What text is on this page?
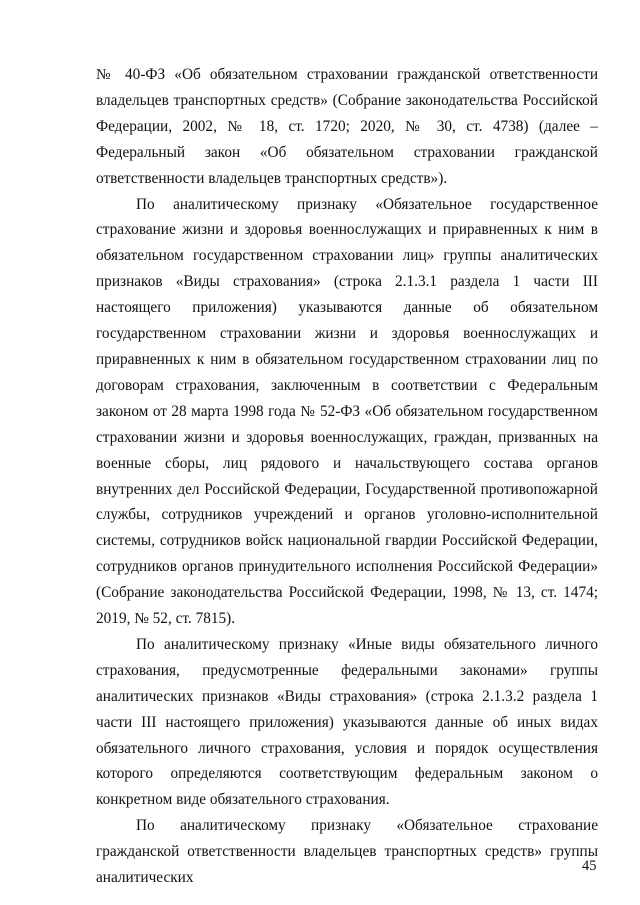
№ 40-ФЗ «Об обязательном страховании гражданской ответственности владельцев транспортных средств» (Собрание законодательства Российской Федерации, 2002, № 18, ст. 1720; 2020, № 30, ст. 4738) (далее – Федеральный закон «Об обязательном страховании гражданской ответственности владельцев транспортных средств»).

По аналитическому признаку «Обязательное государственное страхование жизни и здоровья военнослужащих и приравненных к ним в обязательном государственном страховании лиц» группы аналитических признаков «Виды страхования» (строка 2.1.3.1 раздела 1 части III настоящего приложения) указываются данные об обязательном государственном страховании жизни и здоровья военнослужащих и приравненных к ним в обязательном государственном страховании лиц по договорам страхования, заключенным в соответствии с Федеральным законом от 28 марта 1998 года № 52-ФЗ «Об обязательном государственном страховании жизни и здоровья военнослужащих, граждан, призванных на военные сборы, лиц рядового и начальствующего состава органов внутренних дел Российской Федерации, Государственной противопожарной службы, сотрудников учреждений и органов уголовно-исполнительной системы, сотрудников войск национальной гвардии Российской Федерации, сотрудников органов принудительного исполнения Российской Федерации» (Собрание законодательства Российской Федерации, 1998, № 13, ст. 1474; 2019, № 52, ст. 7815).

По аналитическому признаку «Иные виды обязательного личного страхования, предусмотренные федеральными законами» группы аналитических признаков «Виды страхования» (строка 2.1.3.2 раздела 1 части III настоящего приложения) указываются данные об иных видах обязательного личного страхования, условия и порядок осуществления которого определяются соответствующим федеральным законом о конкретном виде обязательного страхования.

По аналитическому признаку «Обязательное страхование гражданской ответственности владельцев транспортных средств» группы аналитических

45
